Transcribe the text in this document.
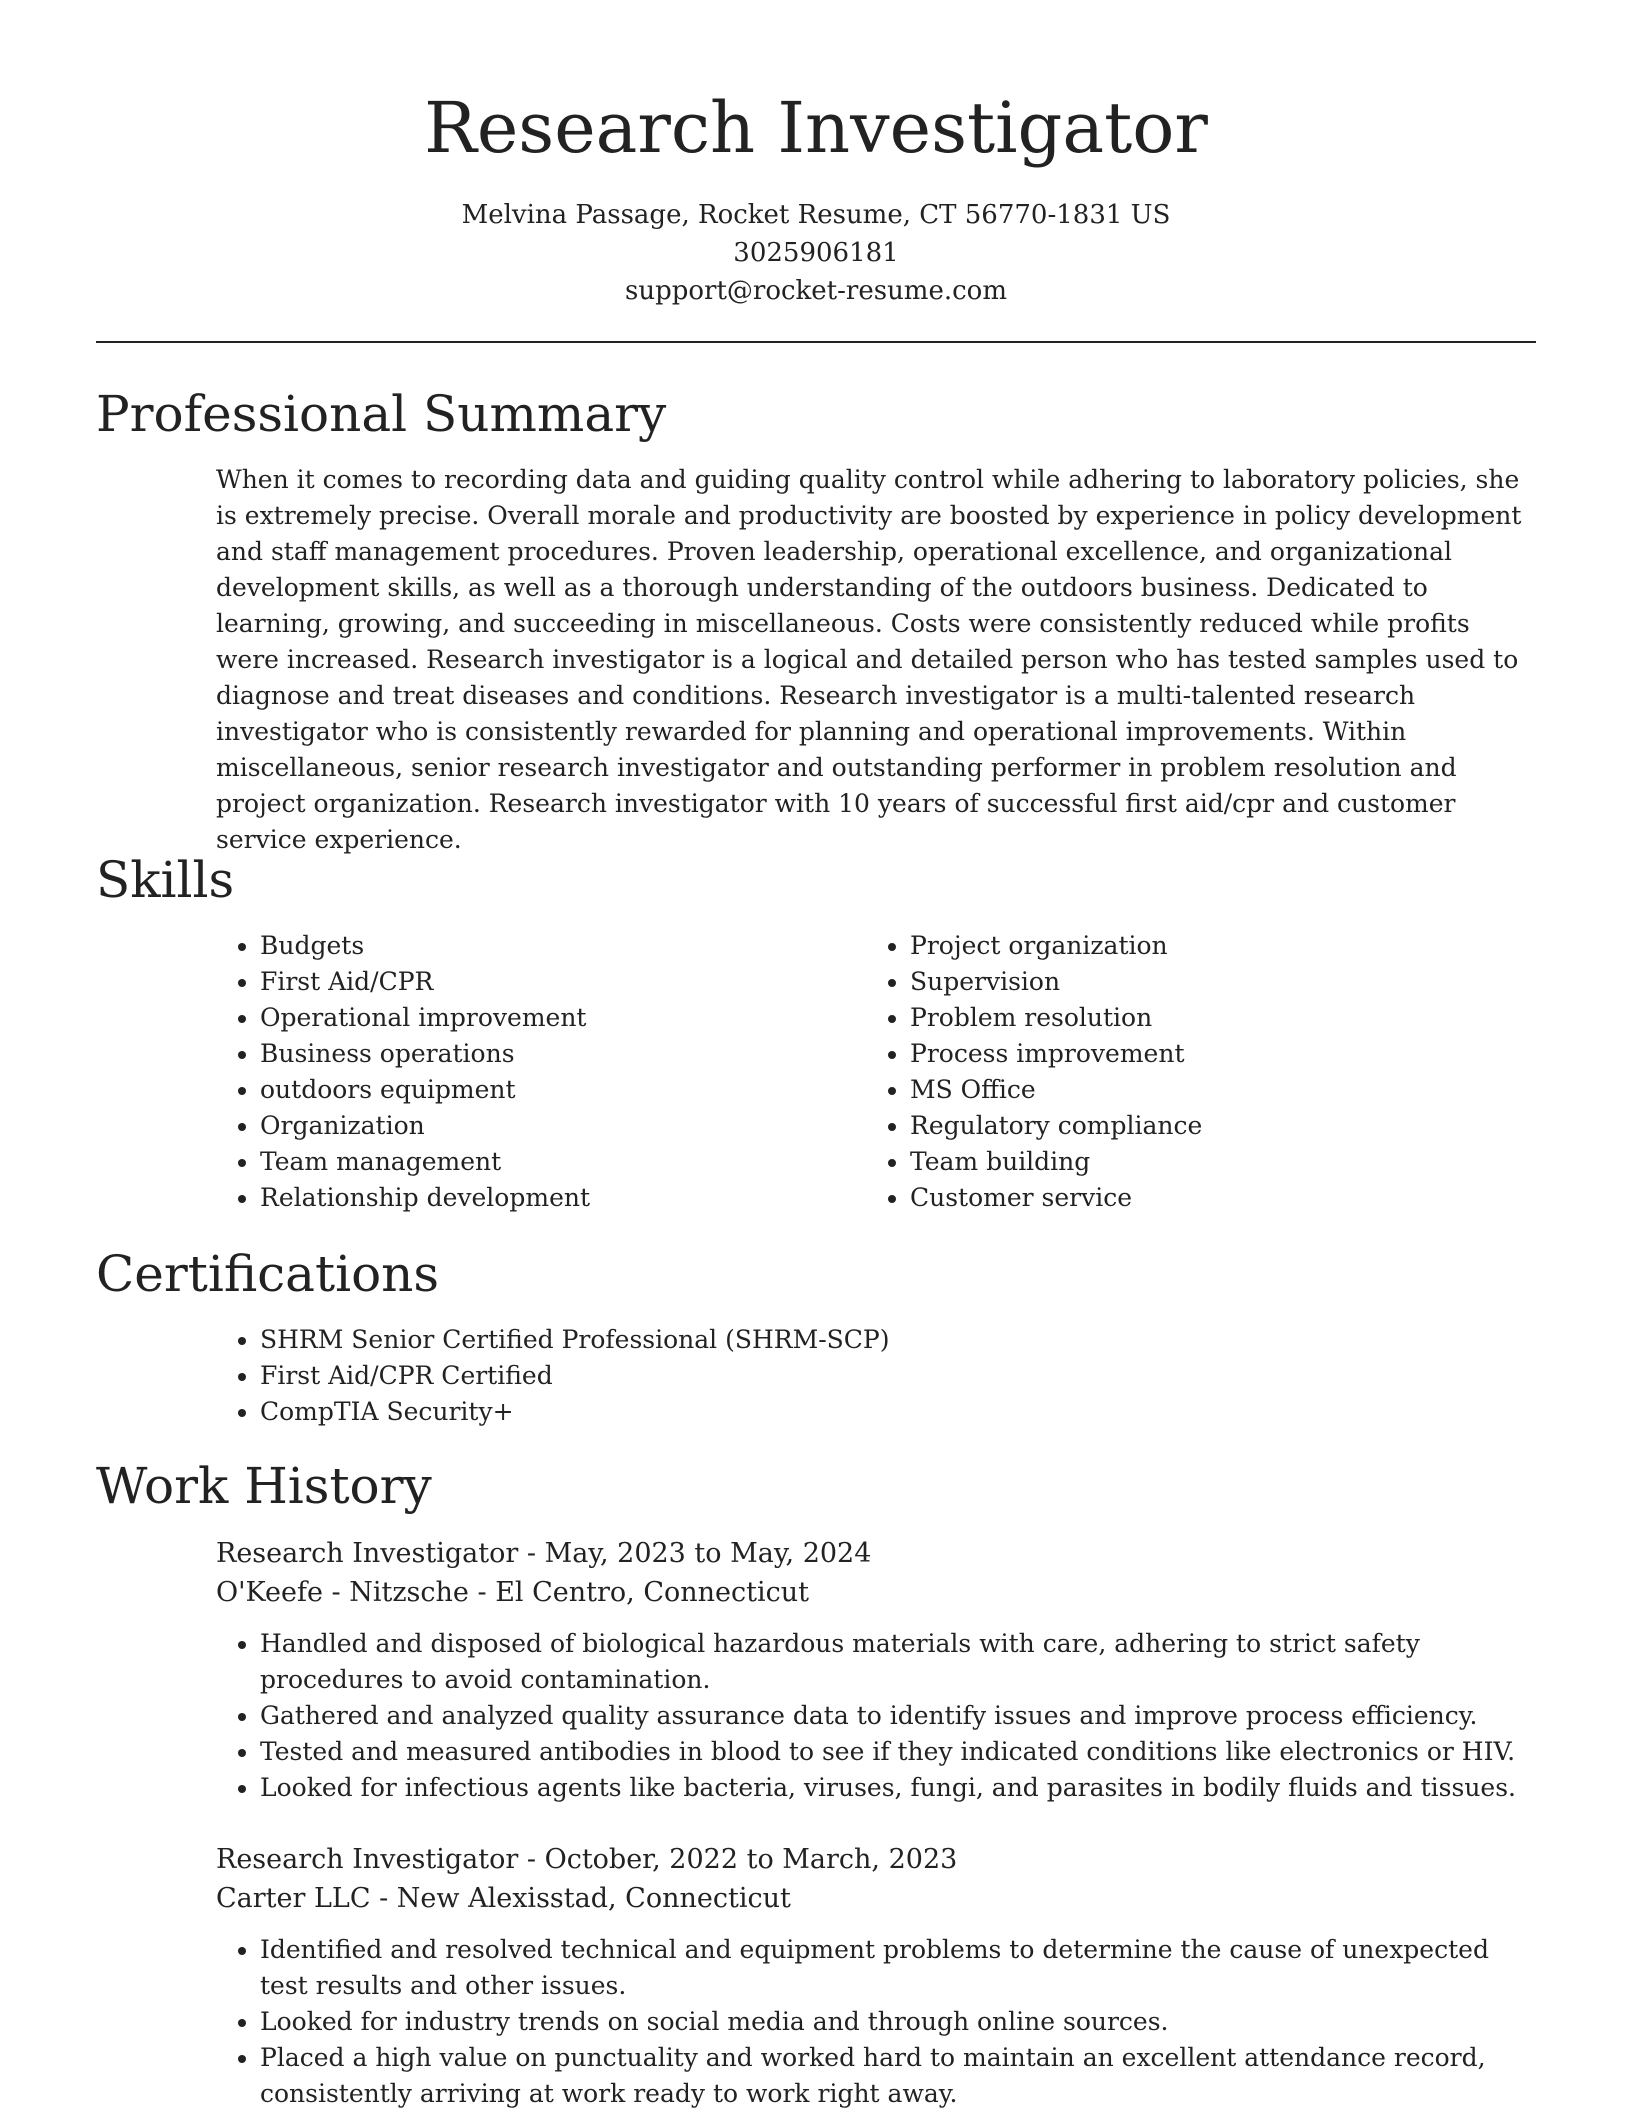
Research Investigator

Melvina Passage, Rocket Resume, CT 56770-1831 US

3025906181

support@rocket-resume.com

Professional Summary

When it comes to recording data and guiding quality control while adhering to laboratory policies, she is extremely precise. Overall morale and productivity are boosted by experience in policy development and staff management procedures. Proven leadership, operational excellence, and organizational development skills, as well as a thorough understanding of the outdoors business. Dedicated to learning, growing, and succeeding in miscellaneous. Costs were consistently reduced while profits were increased. Research investigator is a logical and detailed person who has tested samples used to diagnose and treat diseases and conditions. Research investigator is a multi-talented research investigator who is consistently rewarded for planning and operational improvements. Within miscellaneous, senior research investigator and outstanding performer in problem resolution and project organization. Research investigator with 10 years of successful first aid/cpr and customer service experience.

Skills
• Budgets
• First Aid/CPR
• Operational improvement
• Business operations
• outdoors equipment
• Organization
• Team management
• Relationship development
• Project organization
• Supervision
• Problem resolution
• Process improvement
• MS Office
• Regulatory compliance
• Team building
• Customer service
Certifications
• SHRM Senior Certified Professional (SHRM-SCP)
• First Aid/CPR Certified
• CompTIA Security+
Work History

Research Investigator - May, 2023 to May, 2024

O'Keefe - Nitzsche - El Centro, Connecticut

• Handled and disposed of biological hazardous materials with care, adhering to strict safety procedures to avoid contamination.
• Gathered and analyzed quality assurance data to identify issues and improve process efficiency.
• Tested and measured antibodies in blood to see if they indicated conditions like electronics or HIV.
• Looked for infectious agents like bacteria, viruses, fungi, and parasites in bodily fluids and tissues.

Research Investigator - October, 2022 to March, 2023

Carter LLC - New Alexisstad, Connecticut

• Identified and resolved technical and equipment problems to determine the cause of unexpected test results and other issues.
• Looked for industry trends on social media and through online sources.
• Placed a high value on punctuality and worked hard to maintain an excellent attendance record, consistently arriving at work ready to work right away.
